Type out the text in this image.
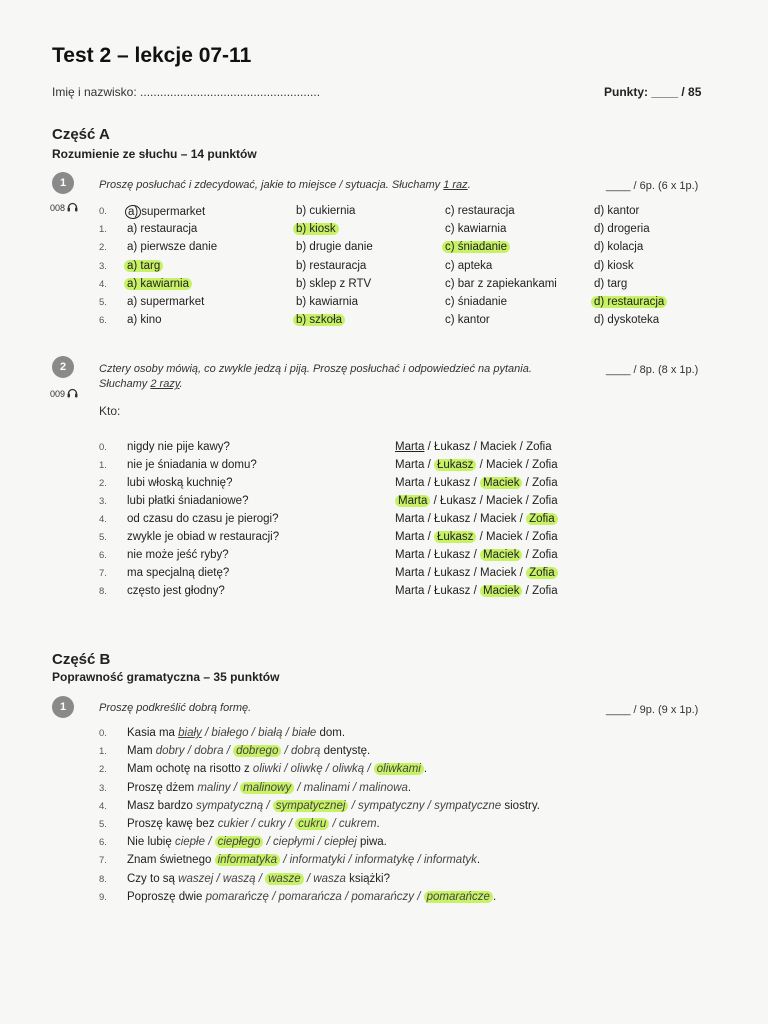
Test 2 – lekcje 07-11
Imię i nazwisko: ......................................................	Punkty: ____ / 85
Część A
Rozumienie ze słuchu – 14 punktów
1
008
Proszę posłuchać i zdecydować, jakie to miejsce / sytuacja. Słuchamy 1 raz.	____ / 6p. (6 x 1p.)
0. a) supermarket	b) cukiernia	c) restauracja	d) kantor
1. a) restauracja	b) kiosk	c) kawiarnia	d) drogeria
2. a) pierwsze danie	b) drugie danie	c) śniadanie	d) kolacja
3. a) targ	b) restauracja	c) apteka	d) kiosk
4. a) kawiarnia	b) sklep z RTV	c) bar z zapiekankami	d) targ
5. a) supermarket	b) kawiarnia	c) śniadanie	d) restauracja
6. a) kino	b) szkoła	c) kantor	d) dyskoteka
2
009
Cztery osoby mówią, co zwykle jedzą i piją. Proszę posłuchać i odpowiedzieć na pytania.
Słuchamy 2 razy.
____ / 8p. (8 x 1p.)
Kto:
0. nigdy nie pije kawy?	Marta / Łukasz / Maciek / Zofia
1. nie je śniadania w domu?	Marta / Łukasz / Maciek / Zofia
2. lubi włoską kuchnię?	Marta / Łukasz / Maciek / Zofia
3. lubi płatki śniadaniowe?	Marta / Łukasz / Maciek / Zofia
4. od czasu do czasu je pierogi?	Marta / Łukasz / Maciek / Zofia
5. zwykle je obiad w restauracji?	Marta / Łukasz / Maciek / Zofia
6. nie może jeść ryby?	Marta / Łukasz / Maciek / Zofia
7. ma specjalną dietę?	Marta / Łukasz / Maciek / Zofia
8. często jest głodny?	Marta / Łukasz / Maciek / Zofia
Część B
Poprawność gramatyczna – 35 punktów
1	Proszę podkreślić dobrą formę.	____ / 9p. (9 x 1p.)
0. Kasia ma biały / białego / białą / białe dom.
1. Mam dobry / dobra / dobrego / dobrą dentystę.
2. Mam ochotę na risotto z oliwki / oliwkę / oliwką / oliwkami .
3. Proszę dżem maliny / malinowy / malinami / malinowa.
4. Masz bardzo sympatyczną / sympatycznej / sympatyczny / sympatyczne siostry.
5. Proszę kawę bez cukier / cukry / cukru / cukrem.
6. Nie lubię ciepłe / ciepłego / ciepłymi / ciepłej piwa.
7. Znam świetnego informatyka / informatyki / informatykę / informatyk.
8. Czy to są waszej / waszą / wasze / wasza książki?
9. Poproszę dwie pomarańczę / pomarańcza / pomarańczy / pomarańcze .
